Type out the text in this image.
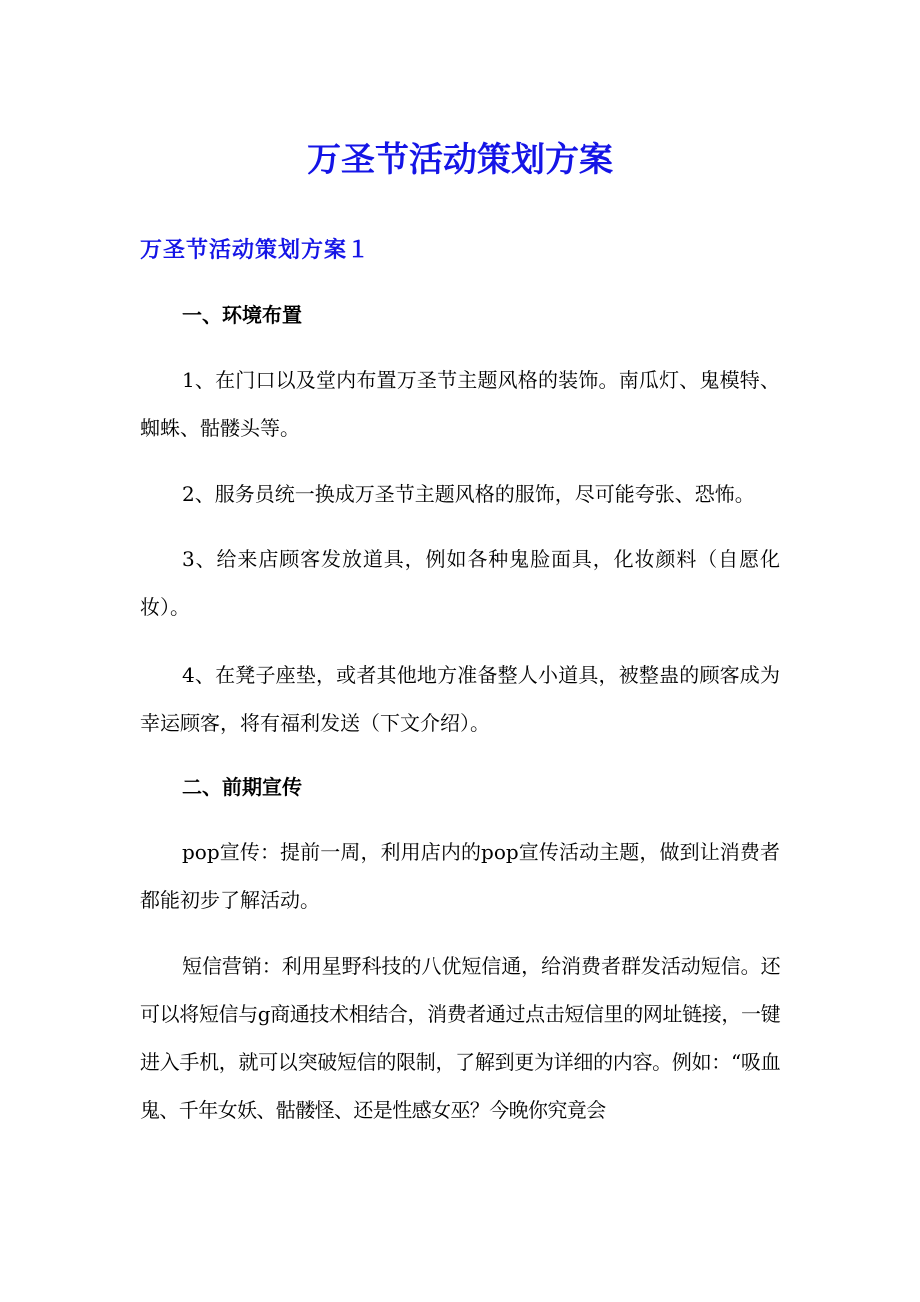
万圣节活动策划方案
万圣节活动策划方案１
一、环境布置

1、在门口以及堂内布置万圣节主题风格的装饰。南瓜灯、鬼模特、蜘蛛、骷髅头等。

2、服务员统一换成万圣节主题风格的服饰，尽可能夸张、恐怖。

3、给来店顾客发放道具，例如各种鬼脸面具，化妆颜料（自愿化妆）。

4、在凳子座垫，或者其他地方准备整人小道具，被整蛊的顾客成为幸运顾客，将有福利发送（下文介绍）。

二、前期宣传

pop宣传：提前一周，利用店内的pop宣传活动主题，做到让消费者都能初步了解活动。

短信营销：利用星野科技的八优短信通，给消费者群发活动短信。还可以将短信与g商通技术相结合，消费者通过点击短信里的网址链接，一键进入手机，就可以突破短信的限制，了解到更为详细的内容。例如：“吸血鬼、千年女妖、骷髅怪、还是性感女巫？今晚你究竟会
